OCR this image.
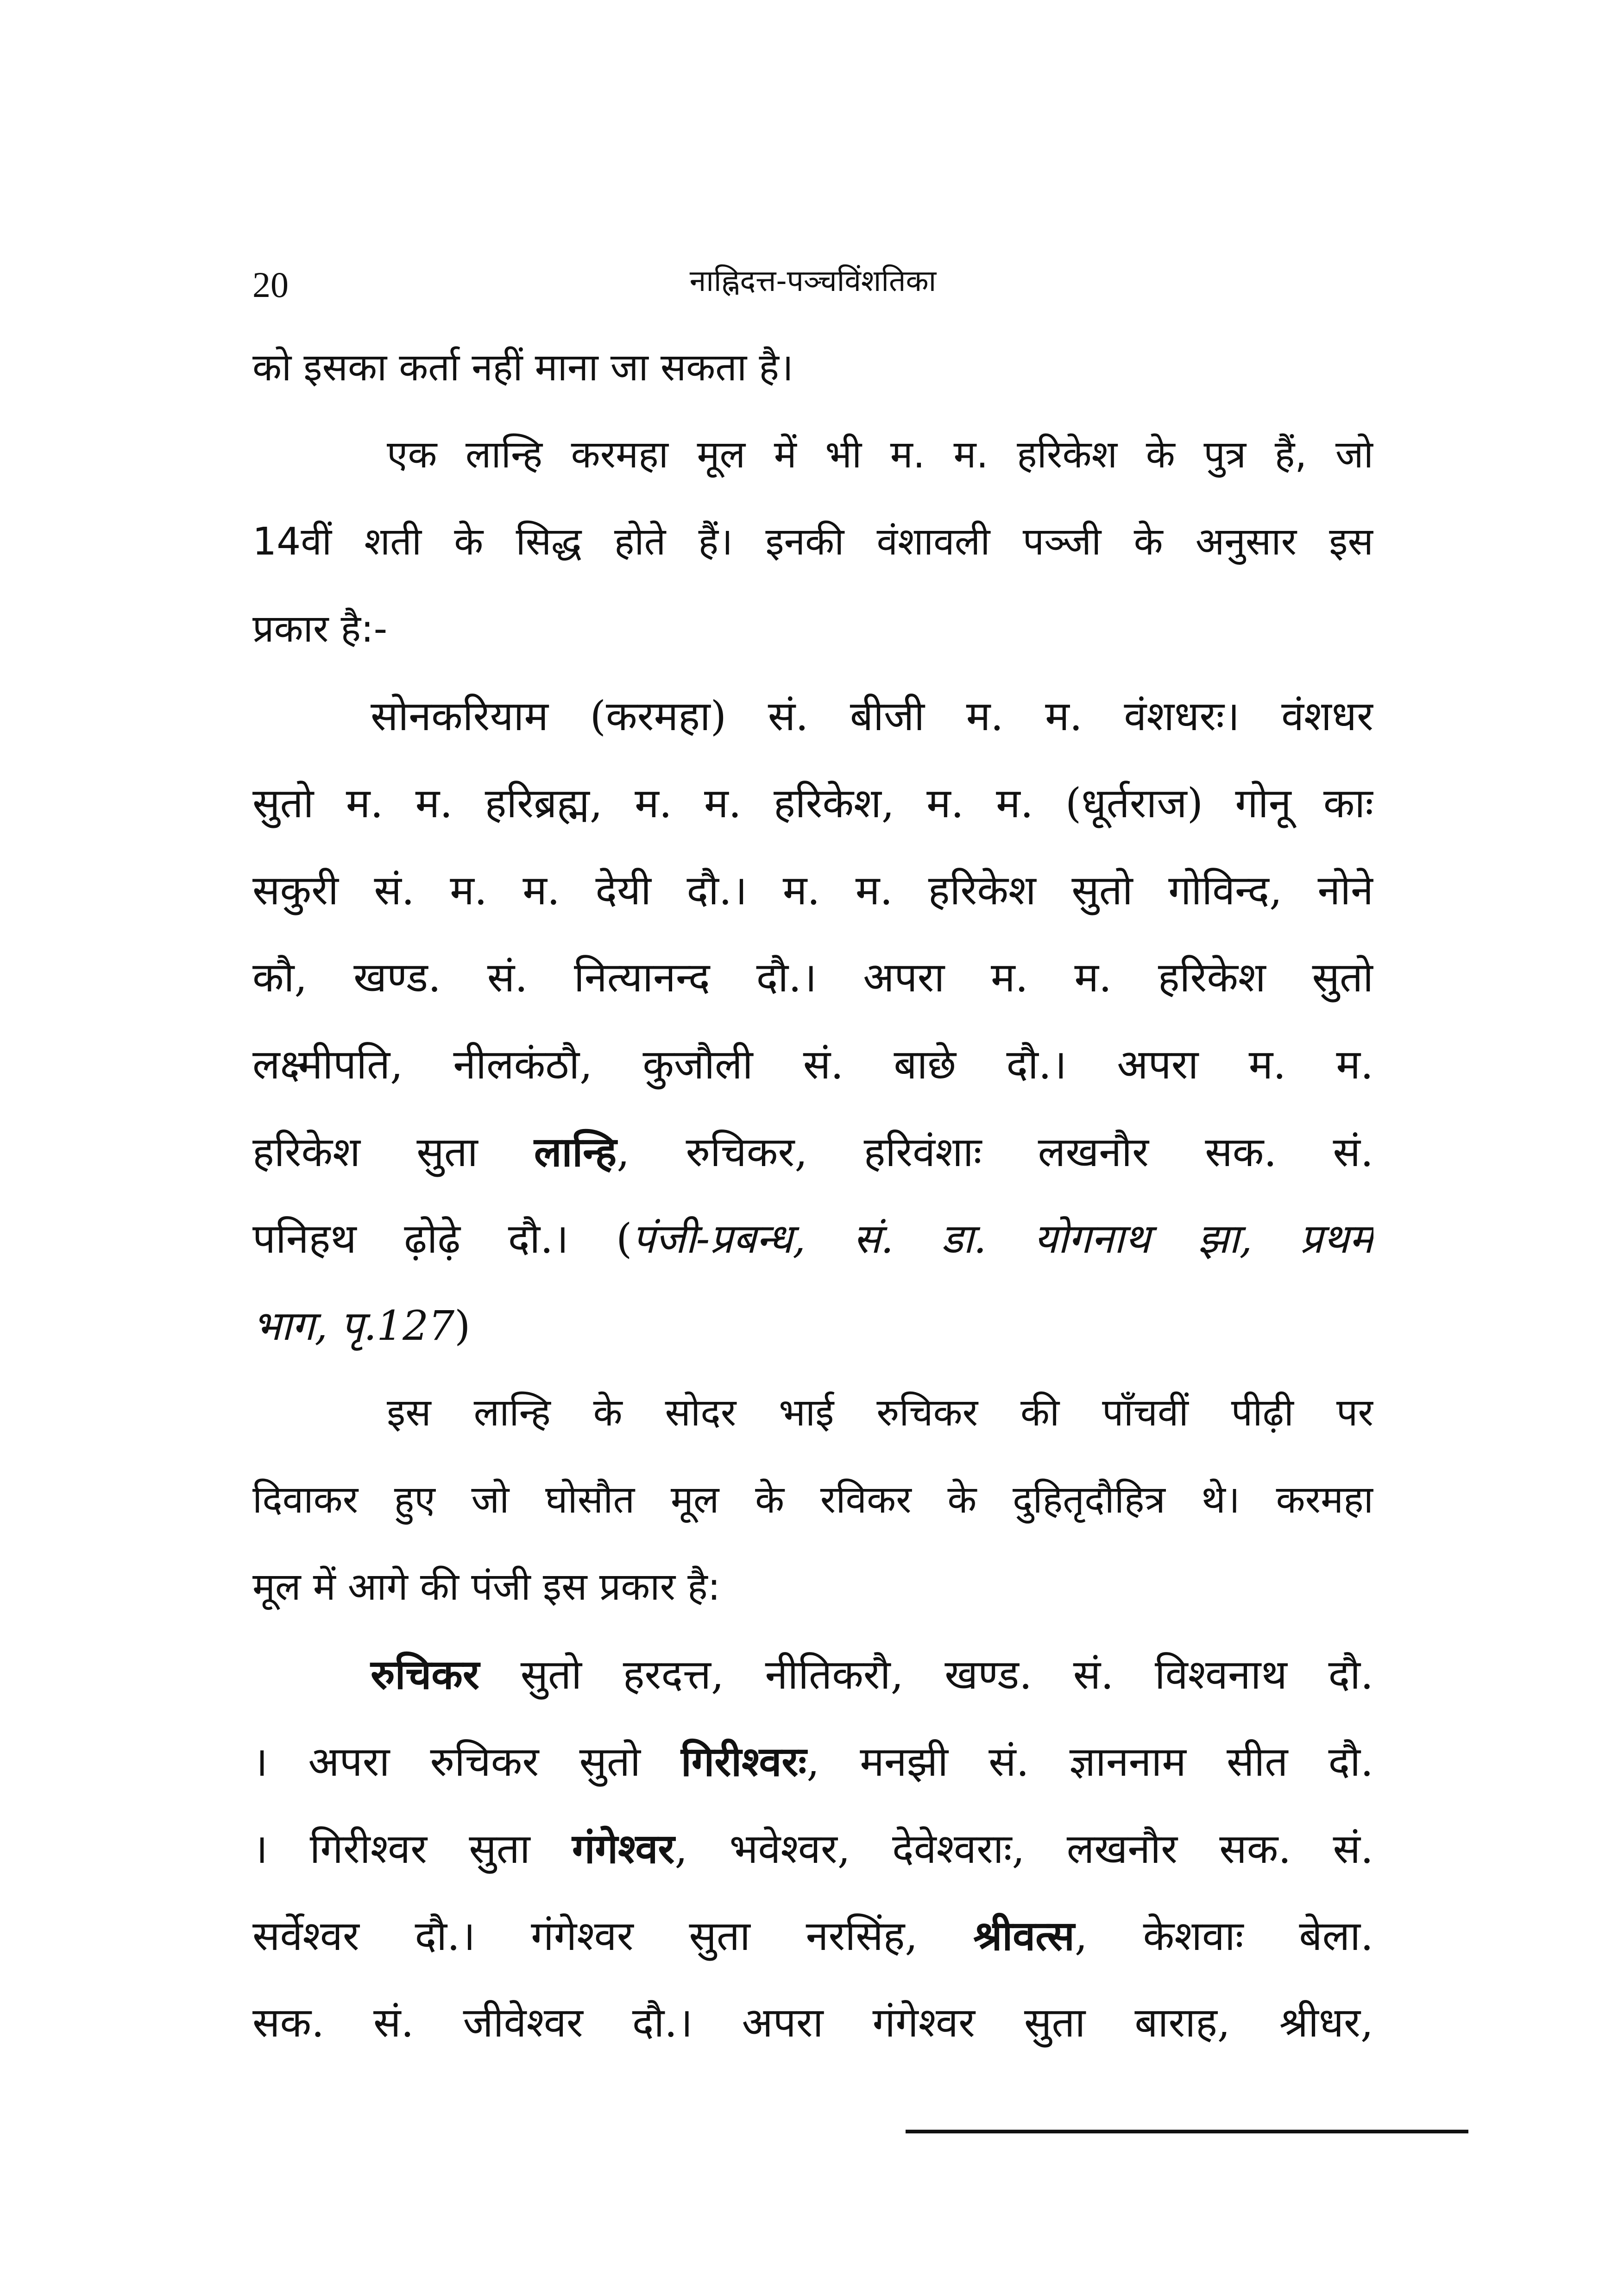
20	नाह्निदत्त-पञ्चविंशतिका
को इसका कर्ता नहीं माना जा सकता है।
एक लान्हि करमहा मूल में भी म. म. हरिकेश के पुत्र हैं, जो
14वीं शती के सिद्ध होते हैं। इनकी वंशावली पञ्जी के अनुसार इस
प्रकार है:-
सोनकरियाम (करमहा) सं. बीजी म. म. वंशधरः। वंशधर
सुतो म. म. हरिब्रह्म, म. म. हरिकेश, म. म. (धूर्तराज) गोनू काः
सकुरी सं. म. म. देयी दौ.। म. म. हरिकेश सुतो गोविन्द, नोने
कौ, खण्ड. सं. नित्यानन्द दौ.। अपरा म. म. हरिकेश सुतो
लक्ष्मीपति, नीलकंठौ, कुजौली सं. बाछे दौ.। अपरा म. म.
हरिकेश सुता लान्हि, रुचिकर, हरिवंशाः लखनौर सक. सं.
पनिहथ ढ़ोढ़े दौ.। (पंजी-प्रबन्ध, सं. डा. योगनाथ झा, प्रथम
भाग, पृ.127)
इस लान्हि के सोदर भाई रुचिकर की पाँचवीं पीढ़ी पर
दिवाकर हुए जो घोसौत मूल के रविकर के दुहितृदौहित्र थे। करमहा
मूल में आगे की पंजी इस प्रकार है:
रुचिकर सुतो हरदत्त, नीतिकरौ, खण्ड. सं. विश्वनाथ दौ.
। अपरा रुचिकर सुतो गिरीश्वरः, मनझी सं. ज्ञाननाम सीत दौ.
। गिरीश्वर सुता गंगेश्वर, भवेश्वर, देवेश्वराः, लखनौर सक. सं.
सर्वेश्वर दौ.। गंगेश्वर सुता नरसिंह, श्रीवत्स, केशवाः बेला.
सक. सं. जीवेश्वर दौ.। अपरा गंगेश्वर सुता बाराह, श्रीधर,
